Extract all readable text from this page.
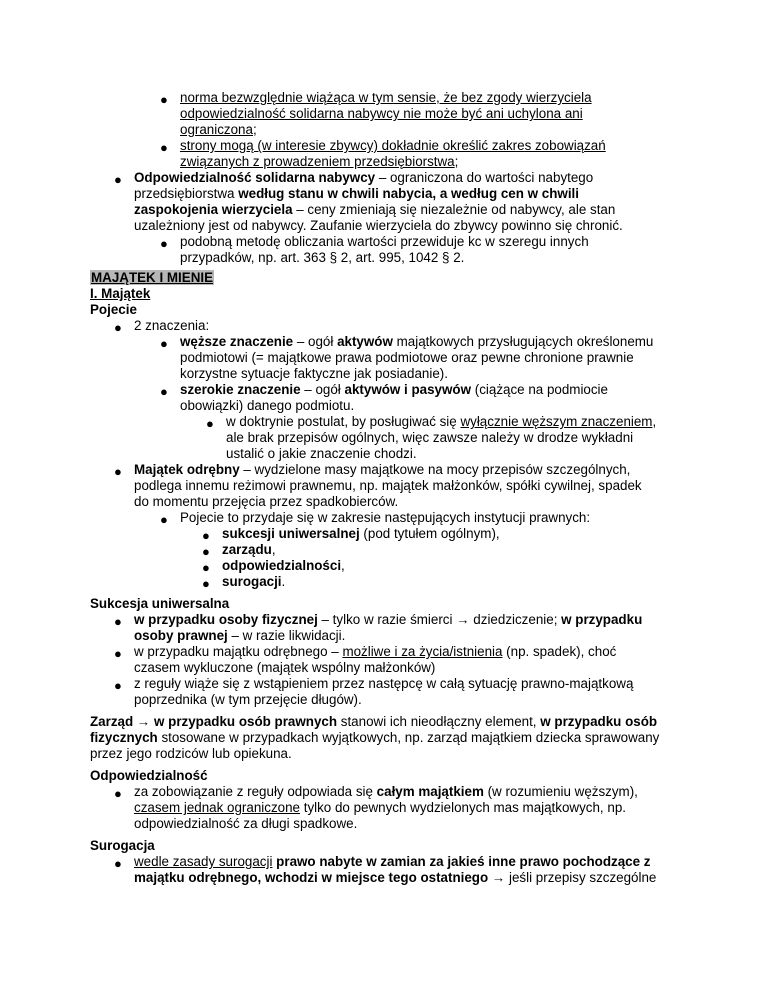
● norma bezwzględnie wiążąca w tym sensie, że bez zgody wierzyciela
odpowiedzialność solidarna nabywcy nie może być ani uchylona ani
ograniczona;
● strony mogą (w interesie zbywcy) dokładnie określić zakres zobowiązań
związanych z prowadzeniem przedsiębiorstwa;
● Odpowiedzialność solidarna nabywcy – ograniczona do wartości nabytego
przedsiębiorstwa według stanu w chwili nabycia, a według cen w chwili
zaspokojenia wierzyciela – ceny zmieniają się niezależnie od nabywcy, ale stan
uzależniony jest od nabywcy. Zaufanie wierzyciela do zbywcy powinno się chronić.
● podobną metodę obliczania wartości przewiduje kc w szeregu innych
przypadków, np. art. 363 § 2, art. 995, 1042 § 2.
MAJĄTEK I MIENIE
I. Majątek
Pojecie
● 2 znaczenia:
● węższe znaczenie – ogół aktywów majątkowych przysługujących określonemu
podmiotowi (= majątkowe prawa podmiotowe oraz pewne chronione prawnie
korzystne sytuacje faktyczne jak posiadanie).
● szerokie znaczenie – ogół aktywów i pasywów (ciążące na podmiocie
obowiązki) danego podmiotu.
● w doktrynie postulat, by posługiwać się wyłącznie węższym znaczeniem,
ale brak przepisów ogólnych, więc zawsze należy w drodze wykładni
ustalić o jakie znaczenie chodzi.
● Majątek odrębny – wydzielone masy majątkowe na mocy przepisów szczególnych,
podlega innemu reżimowi prawnemu, np. majątek małżonków, spółki cywilnej, spadek
do momentu przejęcia przez spadkobierców.
● Pojecie to przydaje się w zakresie następujących instytucji prawnych:
● sukcesji uniwersalnej (pod tytułem ogólnym),
● zarządu,
● odpowiedzialności,
● surogacji.
Sukcesja uniwersalna
● w przypadku osoby fizycznej – tylko w razie śmierci → dziedziczenie; w przypadku
osoby prawnej – w razie likwidacji.
● w przypadku majątku odrębnego – możliwe i za życia/istnienia (np. spadek), choć
czasem wykluczone (majątek wspólny małżonków)
● z reguły wiąże się z wstąpieniem przez następcę w całą sytuację prawno-majątkową
poprzednika (w tym przejęcie długów).
Zarząd → w przypadku osób prawnych stanowi ich nieodłączny element, w przypadku osób
fizycznych stosowane w przypadkach wyjątkowych, np. zarząd majątkiem dziecka sprawowany
przez jego rodziców lub opiekuna.
Odpowiedzialność
● za zobowiązanie z reguły odpowiada się całym majątkiem (w rozumieniu węższym),
czasem jednak ograniczone tylko do pewnych wydzielonych mas majątkowych, np.
odpowiedzialność za długi spadkowe.
Surogacja
● wedle zasady surogacji prawo nabyte w zamian za jakieś inne prawo pochodzące z
majątku odrębnego, wchodzi w miejsce tego ostatniego → jeśli przepisy szczególne
